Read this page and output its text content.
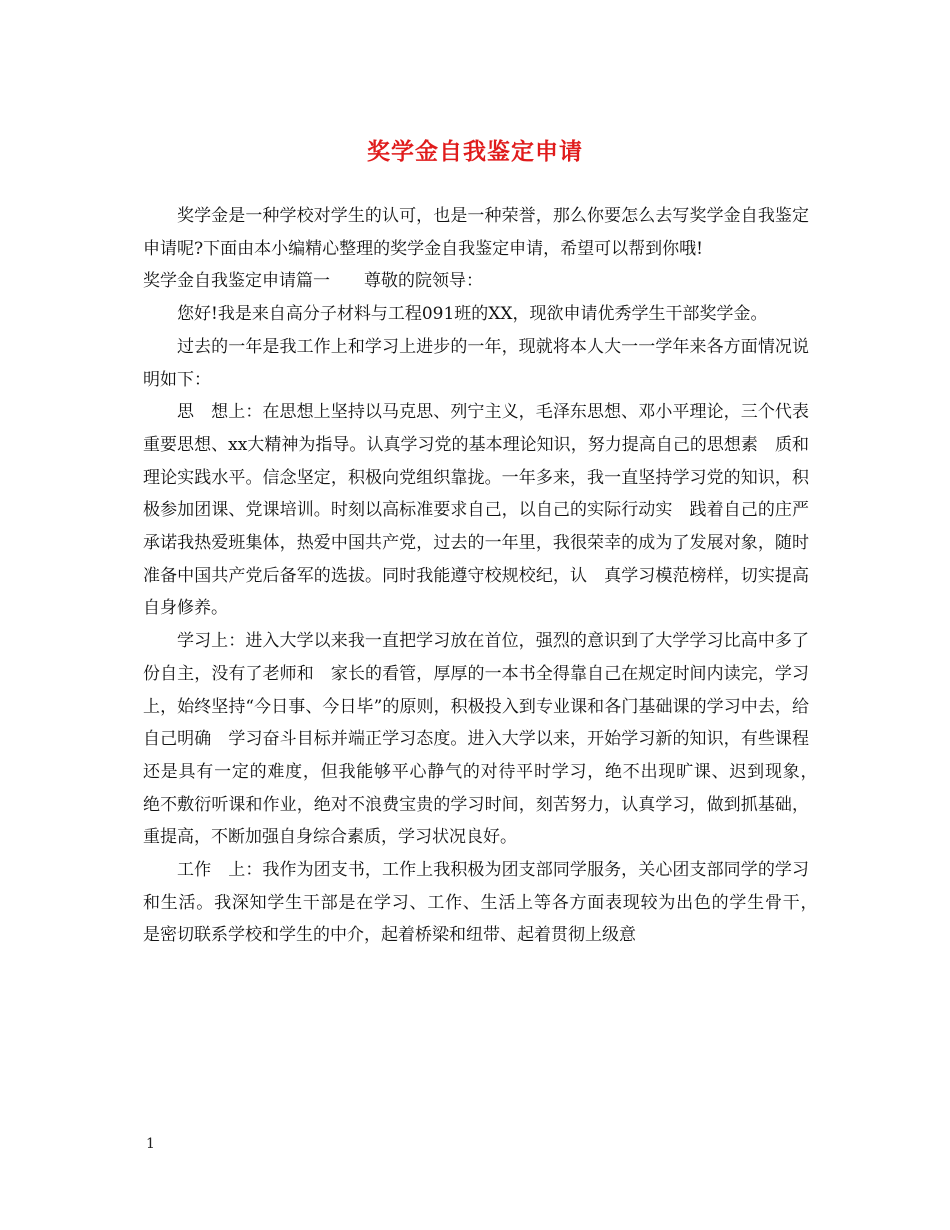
奖学金自我鉴定申请

奖学金是一种学校对学生的认可，也是一种荣誉，那么你要怎么去写奖学金自我鉴定申请呢?下面由本小编精心整理的奖学金自我鉴定申请，希望可以帮到你哦!

奖学金自我鉴定申请篇一　　尊敬的院领导：

您好!我是来自高分子材料与工程091班的XX，现欲申请优秀学生干部奖学金。

过去的一年是我工作上和学习上进步的一年，现就将本人大一一学年来各方面情况说明如下：

思　想上：在思想上坚持以马克思、列宁主义，毛泽东思想、邓小平理论，三个代表重要思想、xx大精神为指导。认真学习党的基本理论知识，努力提高自己的思想素　质和理论实践水平。信念坚定，积极向党组织靠拢。一年多来，我一直坚持学习党的知识，积极参加团课、党课培训。时刻以高标准要求自己，以自己的实际行动实　践着自己的庄严承诺我热爱班集体，热爱中国共产党，过去的一年里，我很荣幸的成为了发展对象，随时准备中国共产党后备军的选拔。同时我能遵守校规校纪，认　真学习模范榜样，切实提高自身修养。

学习上：进入大学以来我一直把学习放在首位，强烈的意识到了大学学习比高中多了份自主，没有了老师和　家长的看管，厚厚的一本书全得靠自己在规定时间内读完，学习上，始终坚持“今日事、今日毕”的原则，积极投入到专业课和各门基础课的学习中去，给自己明确　学习奋斗目标并端正学习态度。进入大学以来，开始学习新的知识，有些课程还是具有一定的难度，但我能够平心静气的对待平时学习，绝不出现旷课、迟到现象，　绝不敷衍听课和作业，绝对不浪费宝贵的学习时间，刻苦努力，认真学习，做到抓基础，重提高，不断加强自身综合素质，学习状况良好。

工作　上：我作为团支书，工作上我积极为团支部同学服务，关心团支部同学的学习和生活。我深知学生干部是在学习、工作、生活上等各方面表现较为出色的学生骨干，　是密切联系学校和学生的中介，起着桥梁和纽带、起着贯彻上级意

1
